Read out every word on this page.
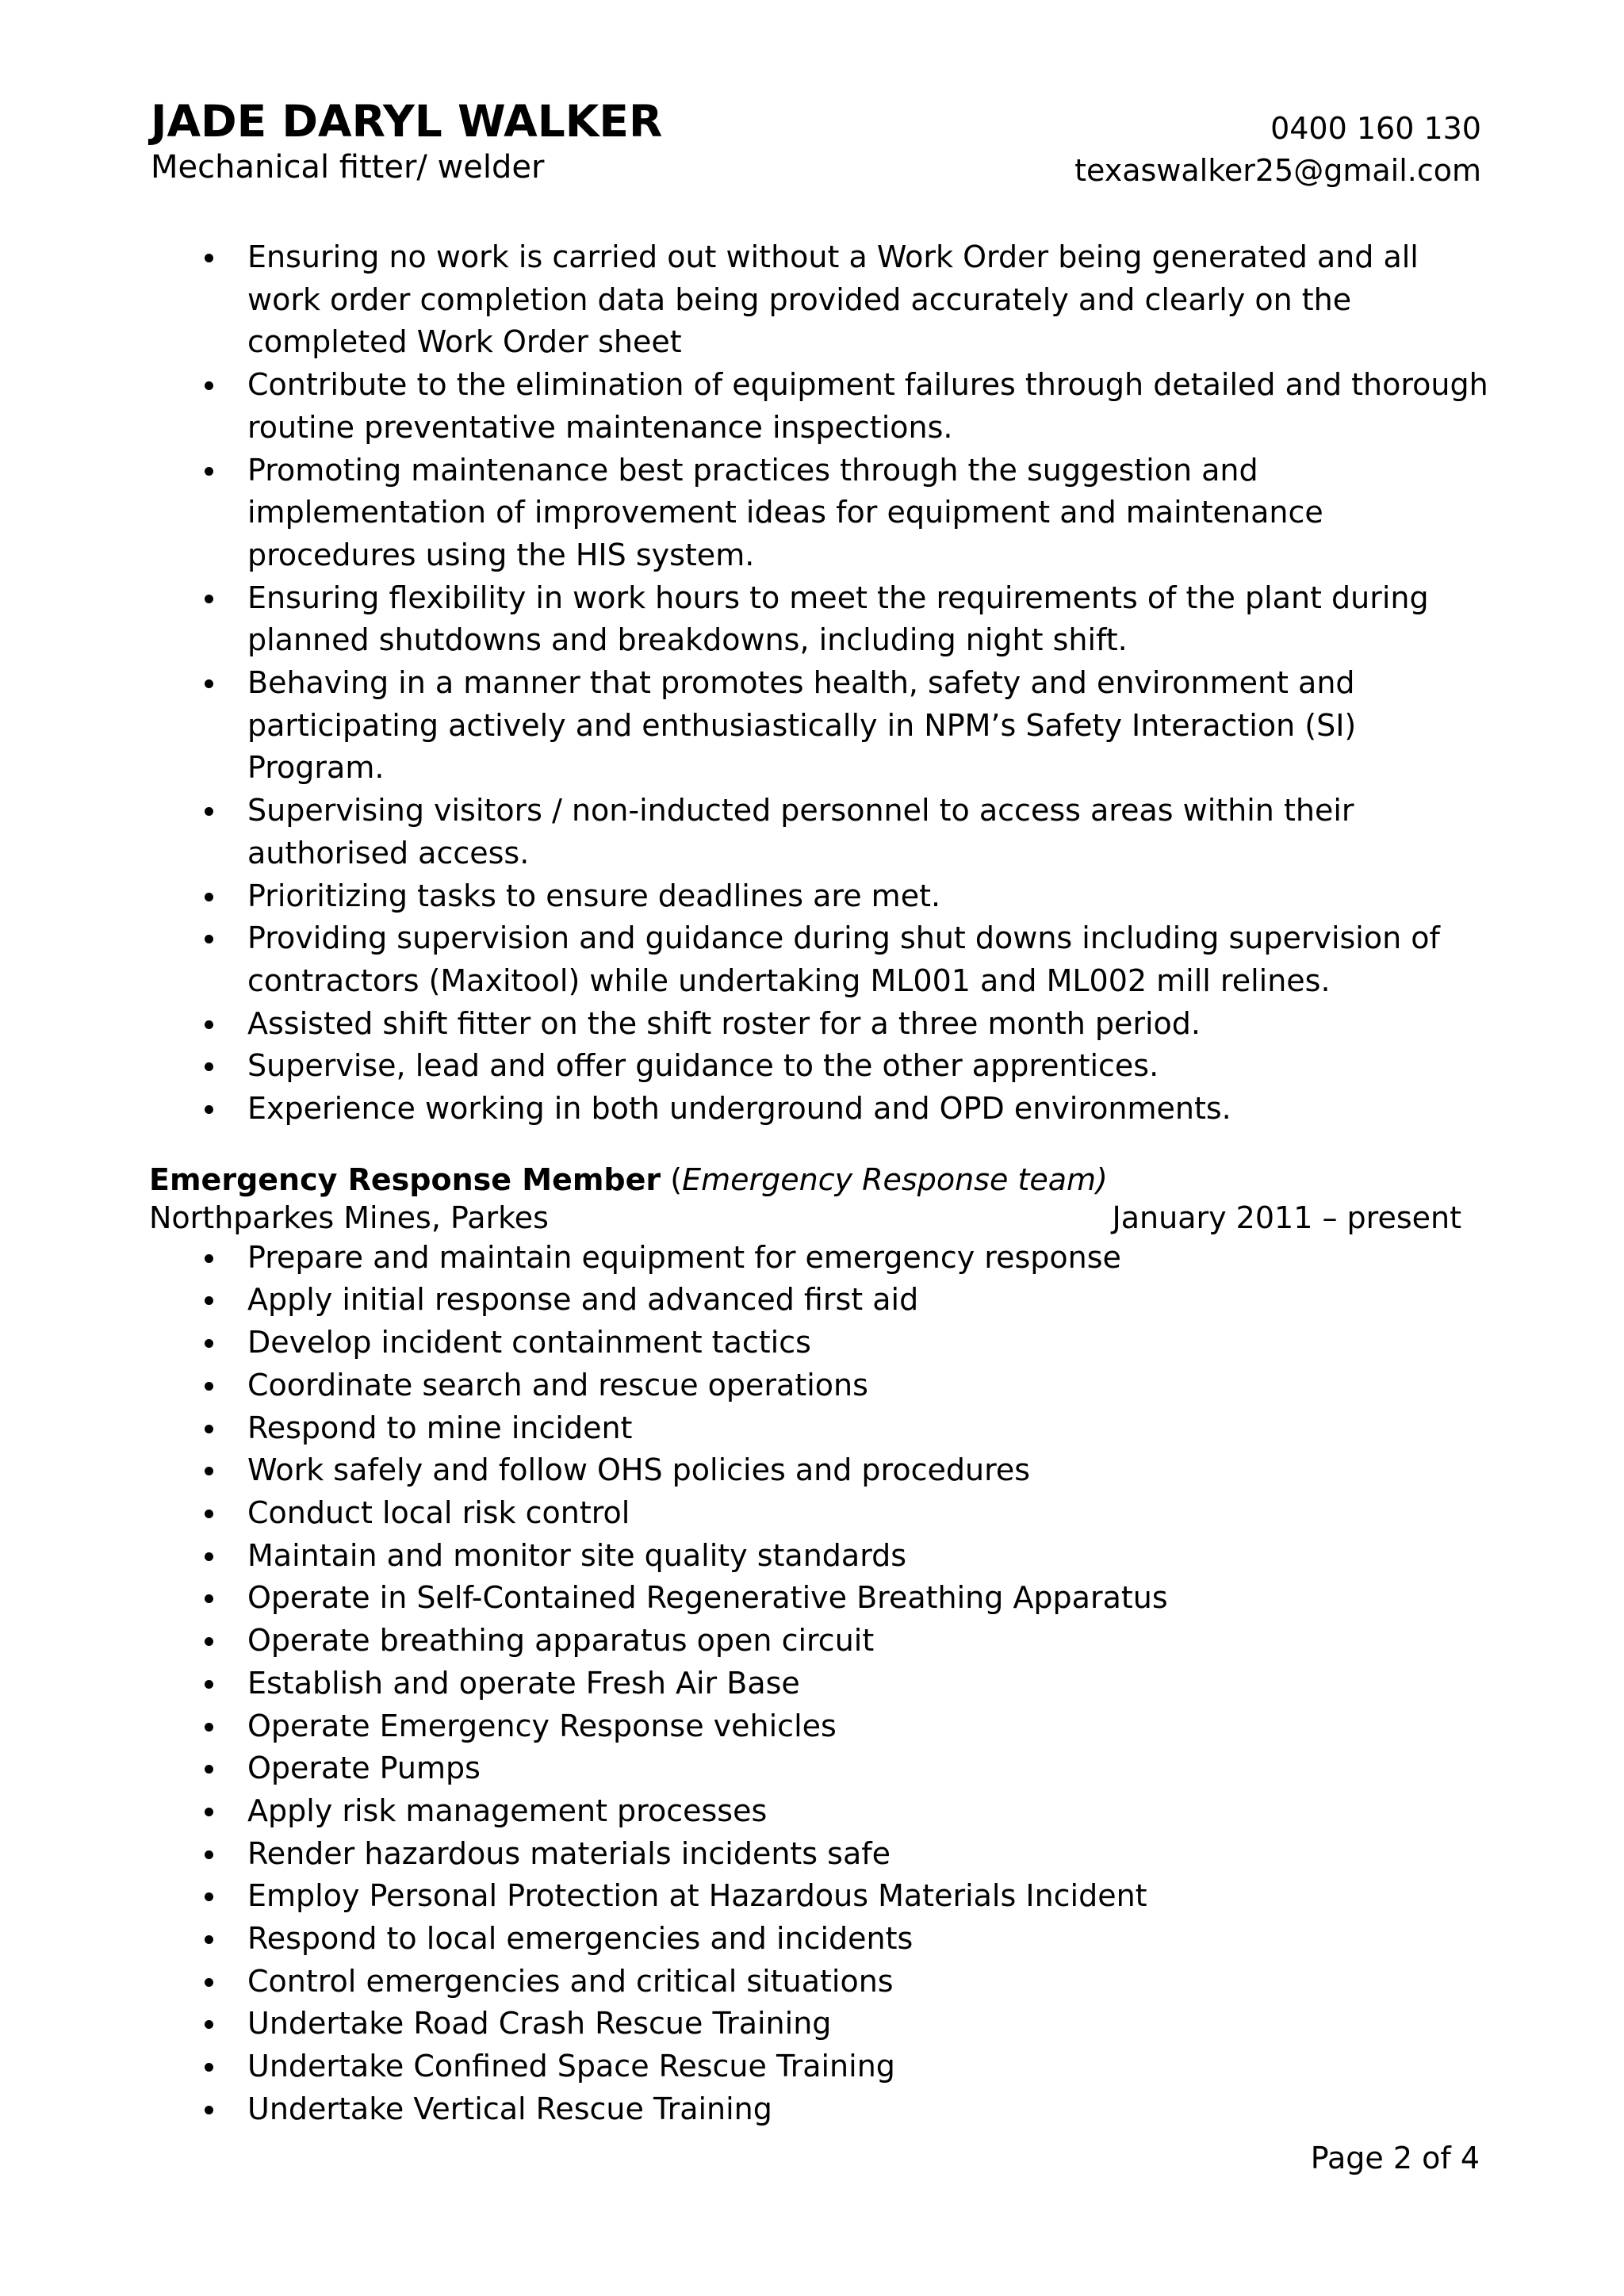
JADE DARYL WALKER
Mechanical fitter/ welder
0400 160 130
texaswalker25@gmail.com
Ensuring no work is carried out without a Work Order being generated and all work order completion data being provided accurately and clearly on the completed Work Order sheet
Contribute to the elimination of equipment failures through detailed and thorough routine preventative maintenance inspections.
Promoting maintenance best practices through the suggestion and implementation of improvement ideas for equipment and maintenance procedures using the HIS system.
Ensuring flexibility in work hours to meet the requirements of the plant during planned shutdowns and breakdowns, including night shift.
Behaving in a manner that promotes health, safety and environment and participating actively and enthusiastically in NPM’s Safety Interaction (SI) Program.
Supervising visitors / non-inducted personnel to access areas within their authorised access.
Prioritizing tasks to ensure deadlines are met.
Providing supervision and guidance during shut downs including supervision of contractors (Maxitool) while undertaking ML001 and ML002 mill relines.
Assisted shift fitter on the shift roster for a three month period.
Supervise, lead and offer guidance to the other apprentices.
Experience working in both underground and OPD environments.
Emergency Response Member (Emergency Response team)
Northparkes Mines, Parkes	January 2011 – present
Prepare and maintain equipment for emergency response
Apply initial response and advanced first aid
Develop incident containment tactics
Coordinate search and rescue operations
Respond to mine incident
Work safely and follow OHS policies and procedures
Conduct local risk control
Maintain and monitor site quality standards
Operate in Self-Contained Regenerative Breathing Apparatus
Operate breathing apparatus open circuit
Establish and operate Fresh Air Base
Operate Emergency Response vehicles
Operate Pumps
Apply risk management processes
Render hazardous materials incidents safe
Employ Personal Protection at Hazardous Materials Incident
Respond to local emergencies and incidents
Control emergencies and critical situations
Undertake Road Crash Rescue Training
Undertake Confined Space Rescue Training
Undertake Vertical Rescue Training
Page 2 of 4
